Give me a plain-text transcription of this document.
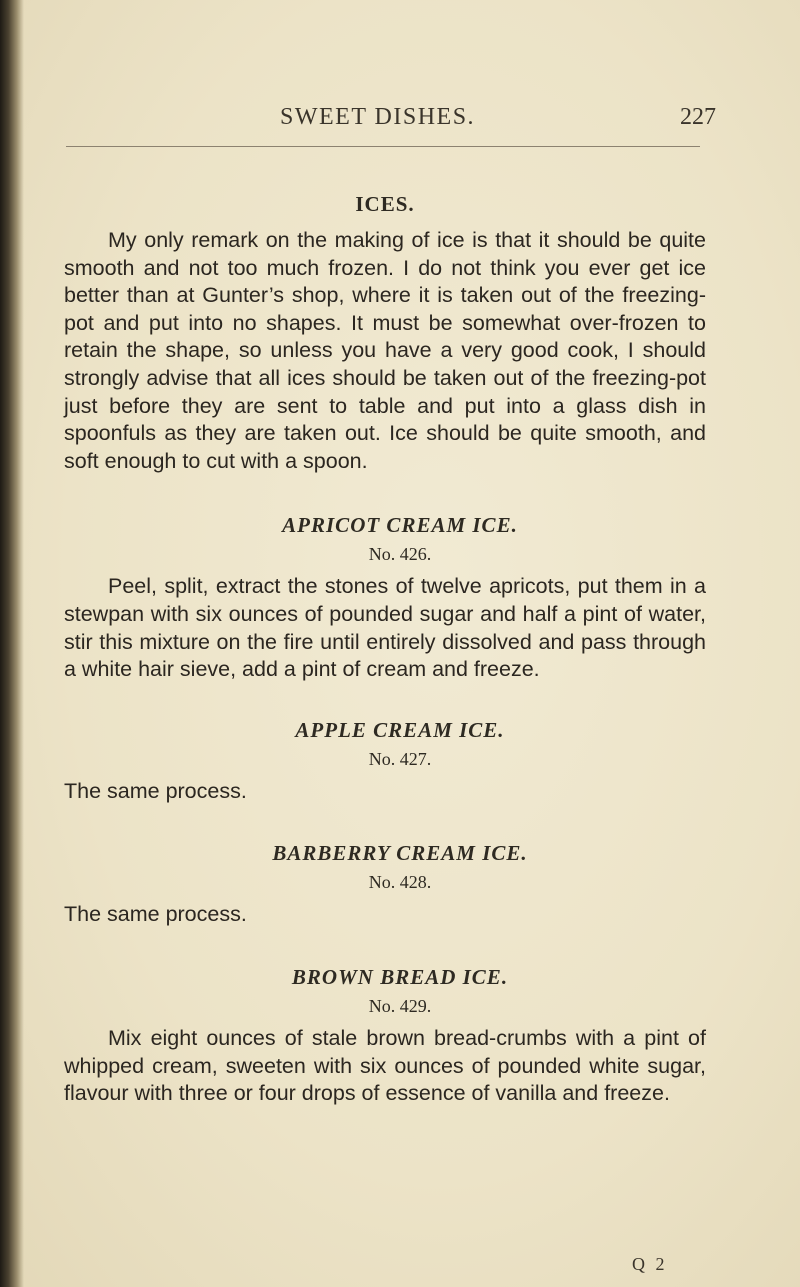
SWEET DISHES.	227
ICES.

My only remark on the making of ice is that it should be quite smooth and not too much frozen. I do not think you ever get ice better than at Gunter’s shop, where it is taken out of the freezing-pot and put into no shapes. It must be somewhat over-frozen to retain the shape, so unless you have a very good cook, I should strongly advise that all ices should be taken out of the freezing-pot just before they are sent to table and put into a glass dish in spoonfuls as they are taken out. Ice should be quite smooth, and soft enough to cut with a spoon.

APRICOT CREAM ICE.
No. 426.

Peel, split, extract the stones of twelve apricots, put them in a stewpan with six ounces of pounded sugar and half a pint of water, stir this mixture on the fire until entirely dissolved and pass through a white hair sieve, add a pint of cream and freeze.

APPLE CREAM ICE.
No. 427.

The same process.

BARBERRY CREAM ICE.
No. 428.

The same process.

BROWN BREAD ICE.
No. 429.

Mix eight ounces of stale brown bread-crumbs with a pint of whipped cream, sweeten with six ounces of pounded white sugar, flavour with three or four drops of essence of vanilla and freeze.

Q 2
